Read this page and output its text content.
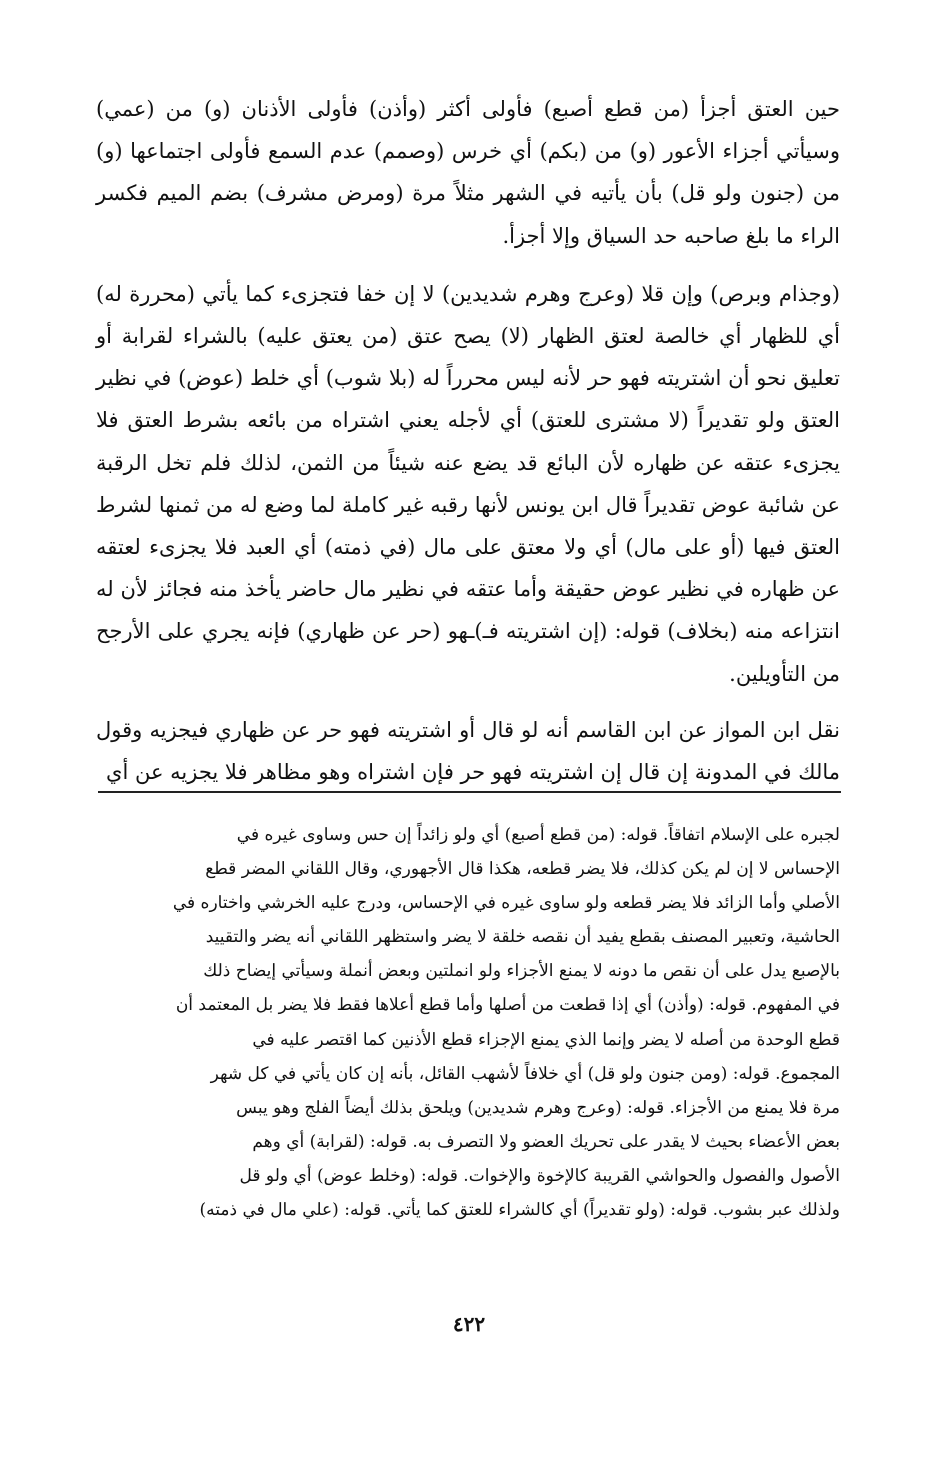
حين العتق أجزأ (من قطع أصبع) فأولى أكثر (وأذن) فأولى الأذنان (و) من (عمي) وسيأتي أجزاء الأعور (و) من (بكم) أي خرس (وصمم) عدم السمع فأولى اجتماعها (و) من (جنون ولو قل) بأن يأتيه في الشهر مثلاً مرة (ومرض مشرف) بضم الميم فكسر الراء ما بلغ صاحبه حد السياق وإلا أجزأ.

(وجذام وبرص) وإن قلا (وعرج وهرم شديدين) لا إن خفا فتجزىء كما يأتي (محررة له) أي للظهار أي خالصة لعتق الظهار (لا) يصح عتق (من يعتق عليه) بالشراء لقرابة أو تعليق نحو أن اشتريته فهو حر لأنه ليس محرراً له (بلا شوب) أي خلط (عوض) في نظير العتق ولو تقديراً (لا مشترى للعتق) أي لأجله يعني اشتراه من بائعه بشرط العتق فلا يجزىء عتقه عن ظهاره لأن البائع قد يضع عنه شيئاً من الثمن، لذلك فلم تخل الرقبة عن شائبة عوض تقديراً قال ابن يونس لأنها رقبه غير كاملة لما وضع له من ثمنها لشرط العتق فيها (أو على مال) أي ولا معتق على مال (في ذمته) أي العبد فلا يجزىء لعتقه عن ظهاره في نظير عوض حقيقة وأما عتقه في نظير مال حاضر يأخذ منه فجائز لأن له انتزاعه منه (بخلاف) قوله: (إن اشتريته فـ)ـهو (حر عن ظهاري) فإنه يجري على الأرجح من التأويلين.

نقل ابن المواز عن ابن القاسم أنه لو قال أو اشتريته فهو حر عن ظهاري فيجزيه وقول مالك في المدونة إن قال إن اشتريته فهو حر فإن اشتراه وهو مظاهر فلا يجزيه عن أي

لجبره على الإسلام اتفاقاً. قوله: (من قطع أصبع) أي ولو زائداً إن حس وساوى غيره في

الإحساس لا إن لم يكن كذلك، فلا يضر قطعه، هكذا قال الأجهوري، وقال اللقاني المضر قطع

الأصلي وأما الزائد فلا يضر قطعه ولو ساوى غيره في الإحساس، ودرج عليه الخرشي واختاره في

الحاشية، وتعبير المصنف بقطع يفيد أن نقصه خلقة لا يضر واستظهر اللقاني أنه يضر والتقييد

بالإصبع يدل على أن نقص ما دونه لا يمنع الأجزاء ولو انملتين وبعض أنملة وسيأتي إيضاح ذلك

في المفهوم. قوله: (وأذن) أي إذا قطعت من أصلها وأما قطع أعلاها فقط فلا يضر بل المعتمد أن

قطع الوحدة من أصله لا يضر وإنما الذي يمنع الإجزاء قطع الأذنين كما اقتصر عليه في

المجموع. قوله: (ومن جنون ولو قل) أي خلافاً لأشهب القائل، بأنه إن كان يأتي في كل شهر

مرة فلا يمنع من الأجزاء. قوله: (وعرج وهرم شديدين) ويلحق بذلك أيضاً الفلج وهو يبس

بعض الأعضاء بحيث لا يقدر على تحريك العضو ولا التصرف به. قوله: (لقرابة) أي وهم

الأصول والفصول والحواشي القريبة كالإخوة والإخوات. قوله: (وخلط عوض) أي ولو قل

ولذلك عبر بشوب. قوله: (ولو تقديراً) أي كالشراء للعتق كما يأتي. قوله: (علي مال في ذمته)

٤٢٢
